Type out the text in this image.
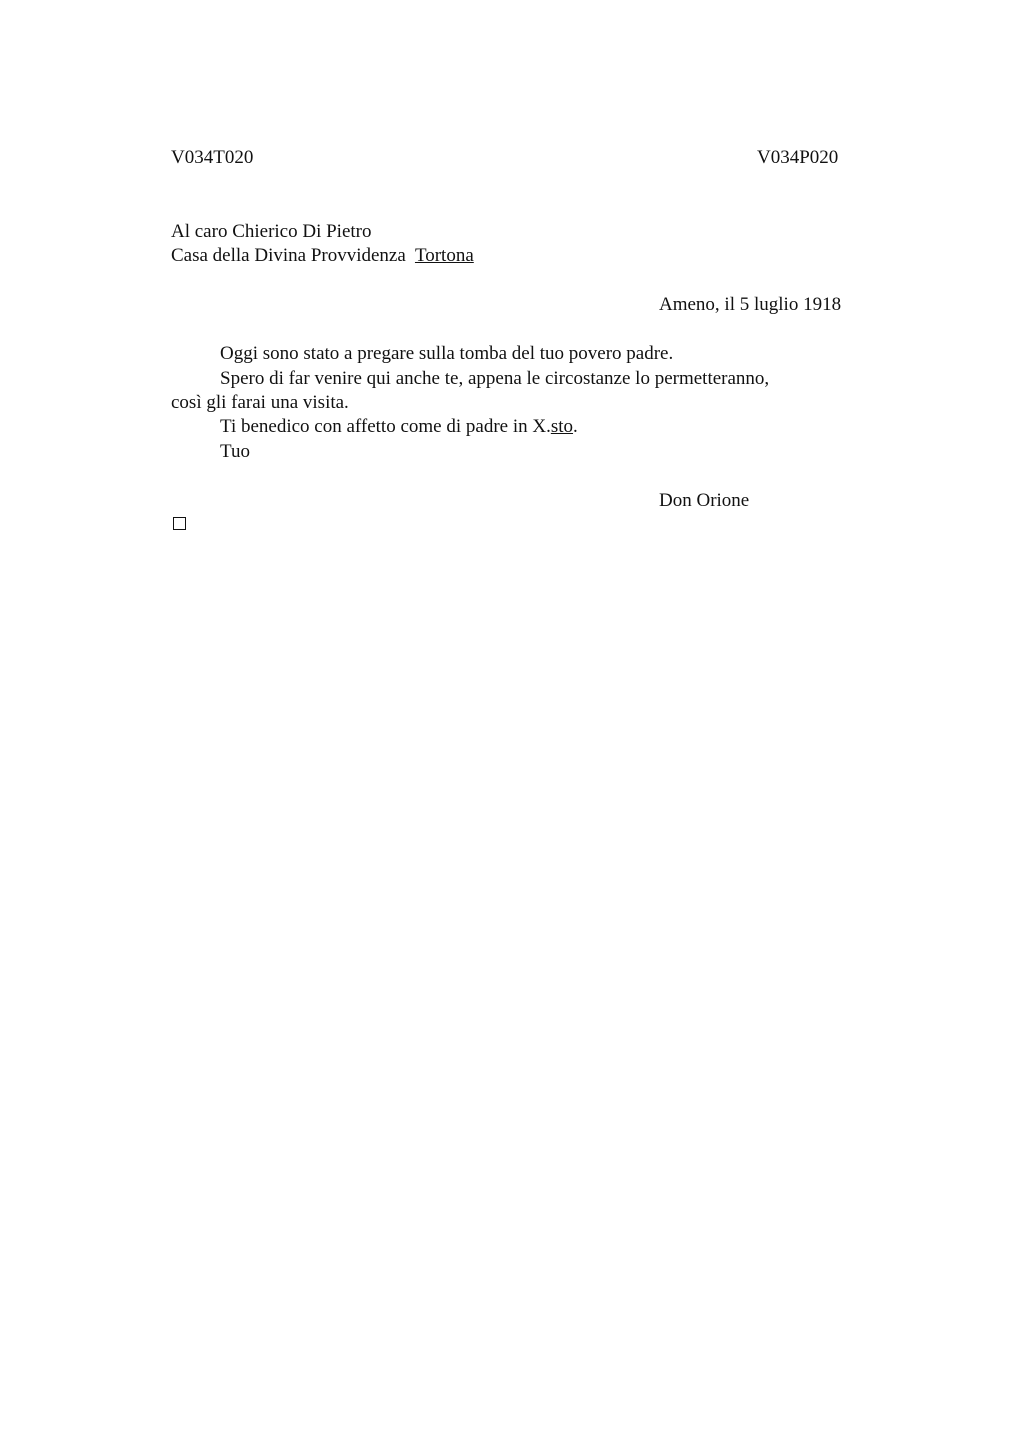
V034T020	V034P020
Al caro Chierico Di Pietro
Casa della Divina Provvidenza  Tortona
Ameno, il 5 luglio 1918
Oggi sono stato a pregare sulla tomba del tuo povero padre.
Spero di far venire qui anche te, appena le circostanze lo permetteranno,
così gli farai una visita.
Ti benedico con affetto come di padre in X.sto.
Tuo
Don Orione
